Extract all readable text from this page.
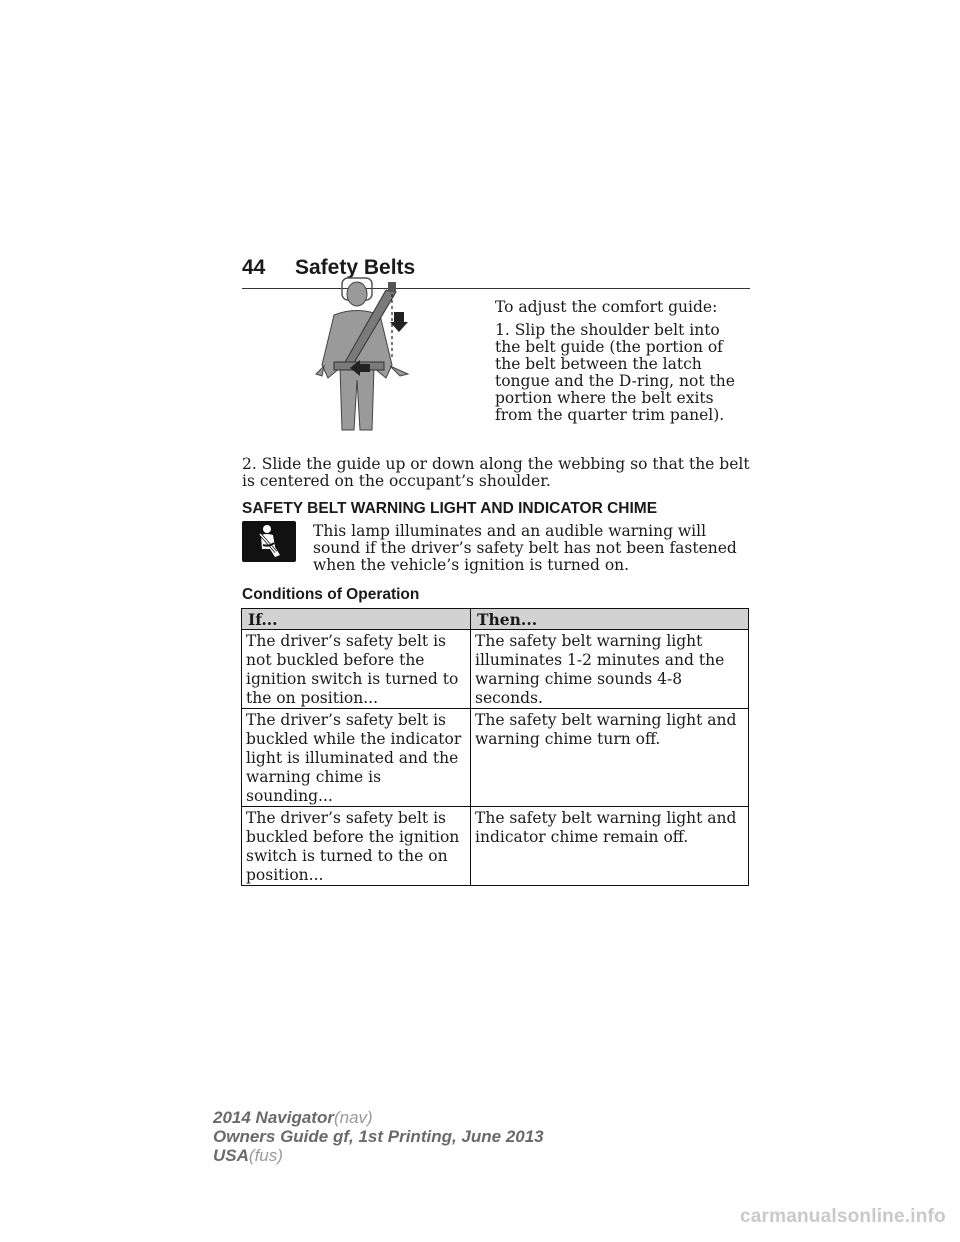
44 Safety Belts

To adjust the comfort guide:

1. Slip the shoulder belt into the belt guide (the portion of the belt between the latch tongue and the D-ring, not the portion where the belt exits from the quarter trim panel).

2. Slide the guide up or down along the webbing so that the belt is centered on the occupant’s shoulder.

SAFETY BELT WARNING LIGHT AND INDICATOR CHIME

This lamp illuminates and an audible warning will sound if the driver’s safety belt has not been fastened when the vehicle’s ignition is turned on.

Conditions of Operation
If...	Then...
The driver’s safety belt is not buckled before the ignition switch is turned to the on position...	The safety belt warning light illuminates 1-2 minutes and the warning chime sounds 4-8 seconds.
The driver’s safety belt is buckled while the indicator light is illuminated and the warning chime is sounding...	The safety belt warning light and warning chime turn off.
The driver’s safety belt is buckled before the ignition switch is turned to the on position...	The safety belt warning light and indicator chime remain off.
2014 Navigator(nav)
Owners Guide gf, 1st Printing, June 2013
USA(fus)
carmanualsonline.info
